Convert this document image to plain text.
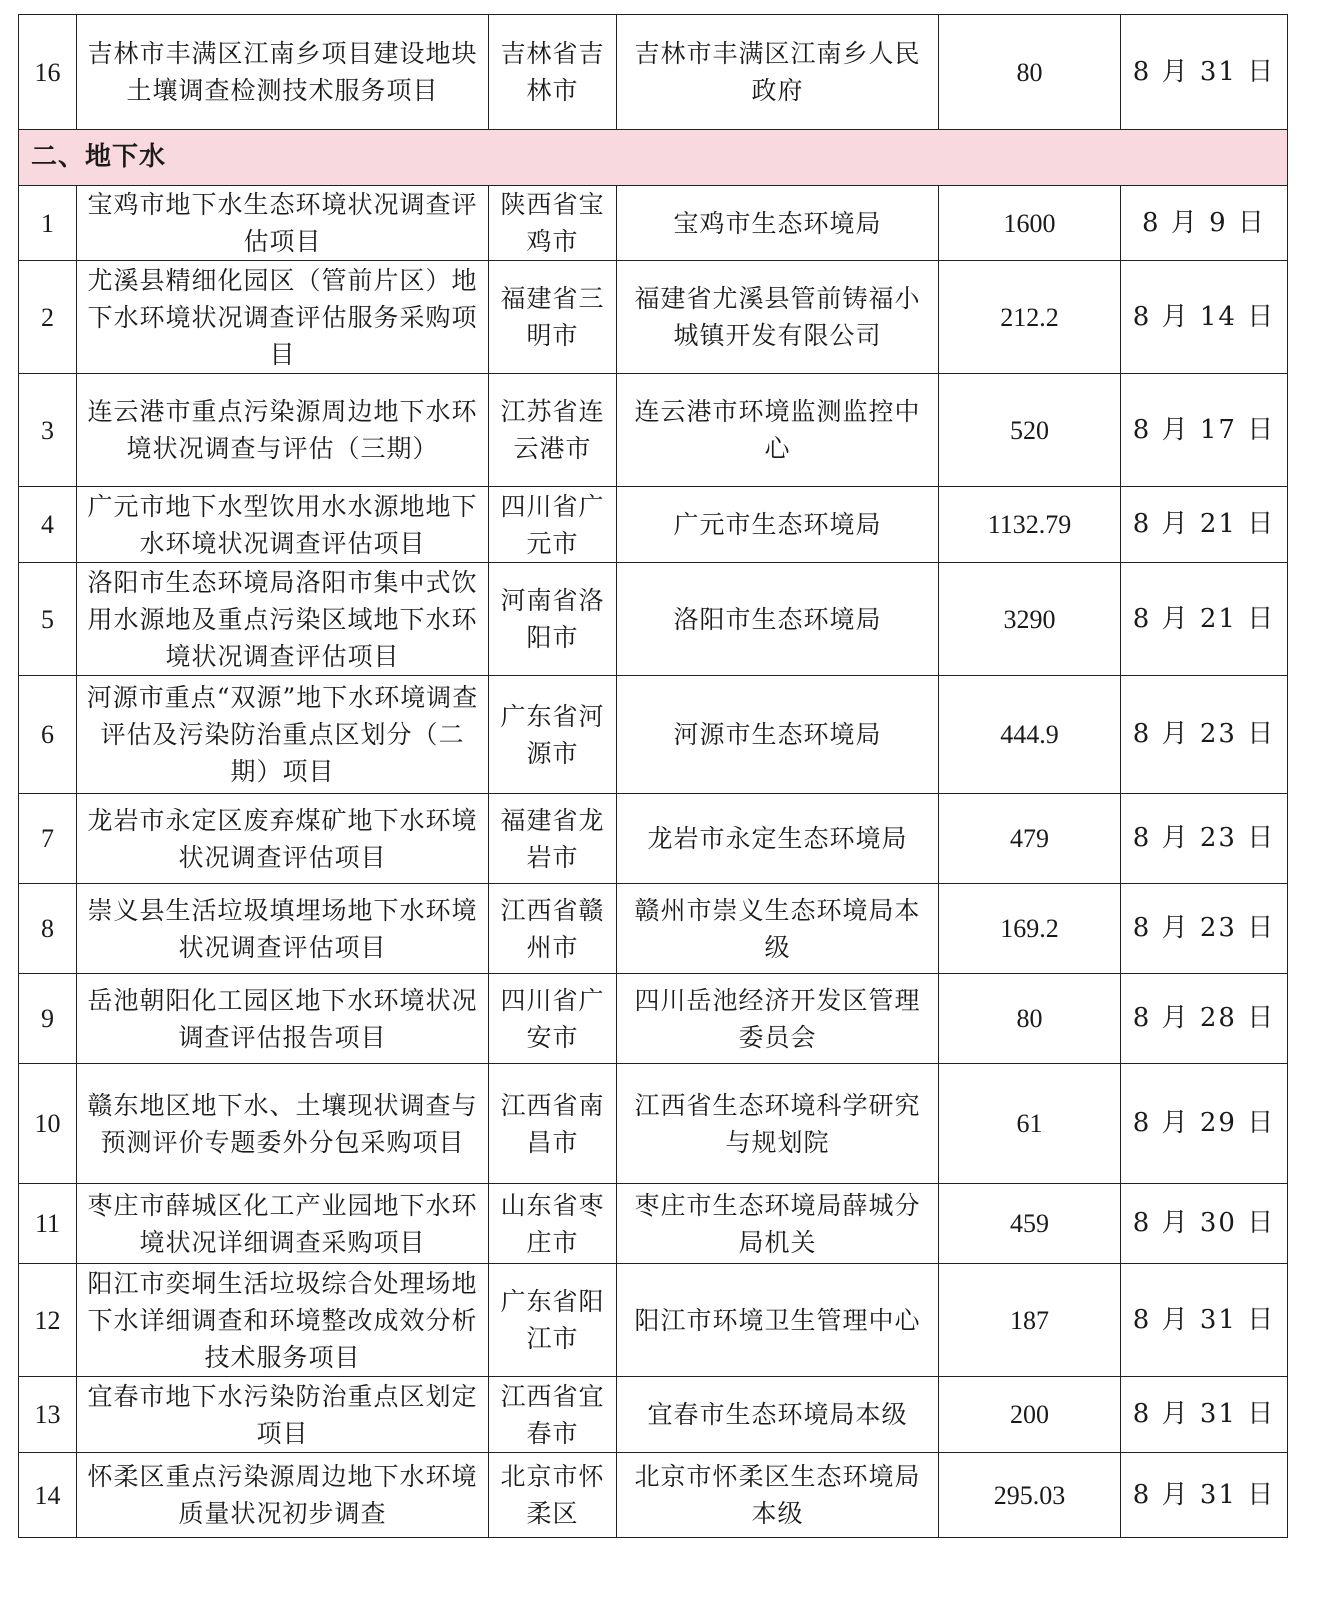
16	吉林市丰满区江南乡项目建设地块土壤调查检测技术服务项目	吉林省吉林市	吉林市丰满区江南乡人民政府	80	8 月 31 日
二、地下水					
1	宝鸡市地下水生态环境状况调查评估项目	陕西省宝鸡市	宝鸡市生态环境局	1600	8 月 9 日
2	尤溪县精细化园区（管前片区）地下水环境状况调查评估服务采购项目	福建省三明市	福建省尤溪县管前铸福小城镇开发有限公司	212.2	8 月 14 日
3	连云港市重点污染源周边地下水环境状况调查与评估（三期）	江苏省连云港市	连云港市环境监测监控中心	520	8 月 17 日
4	广元市地下水型饮用水水源地地下水环境状况调查评估项目	四川省广元市	广元市生态环境局	1132.79	8 月 21 日
5	洛阳市生态环境局洛阳市集中式饮用水源地及重点污染区域地下水环境状况调查评估项目	河南省洛阳市	洛阳市生态环境局	3290	8 月 21 日
6	河源市重点“双源”地下水环境调查评估及污染防治重点区划分（二期）项目	广东省河源市	河源市生态环境局	444.9	8 月 23 日
7	龙岩市永定区废弃煤矿地下水环境状况调查评估项目	福建省龙岩市	龙岩市永定生态环境局	479	8 月 23 日
8	崇义县生活垃圾填埋场地下水环境状况调查评估项目	江西省赣州市	赣州市崇义生态环境局本级	169.2	8 月 23 日
9	岳池朝阳化工园区地下水环境状况调查评估报告项目	四川省广安市	四川岳池经济开发区管理委员会	80	8 月 28 日
10	赣东地区地下水、土壤现状调查与预测评价专题委外分包采购项目	江西省南昌市	江西省生态环境科学研究与规划院	61	8 月 29 日
11	枣庄市薛城区化工产业园地下水环境状况详细调查采购项目	山东省枣庄市	枣庄市生态环境局薛城分局机关	459	8 月 30 日
12	阳江市奕垌生活垃圾综合处理场地下水详细调查和环境整改成效分析技术服务项目	广东省阳江市	阳江市环境卫生管理中心	187	8 月 31 日
13	宜春市地下水污染防治重点区划定项目	江西省宜春市	宜春市生态环境局本级	200	8 月 31 日
14	怀柔区重点污染源周边地下水环境质量状况初步调查	北京市怀柔区	北京市怀柔区生态环境局本级	295.03	8 月 31 日
